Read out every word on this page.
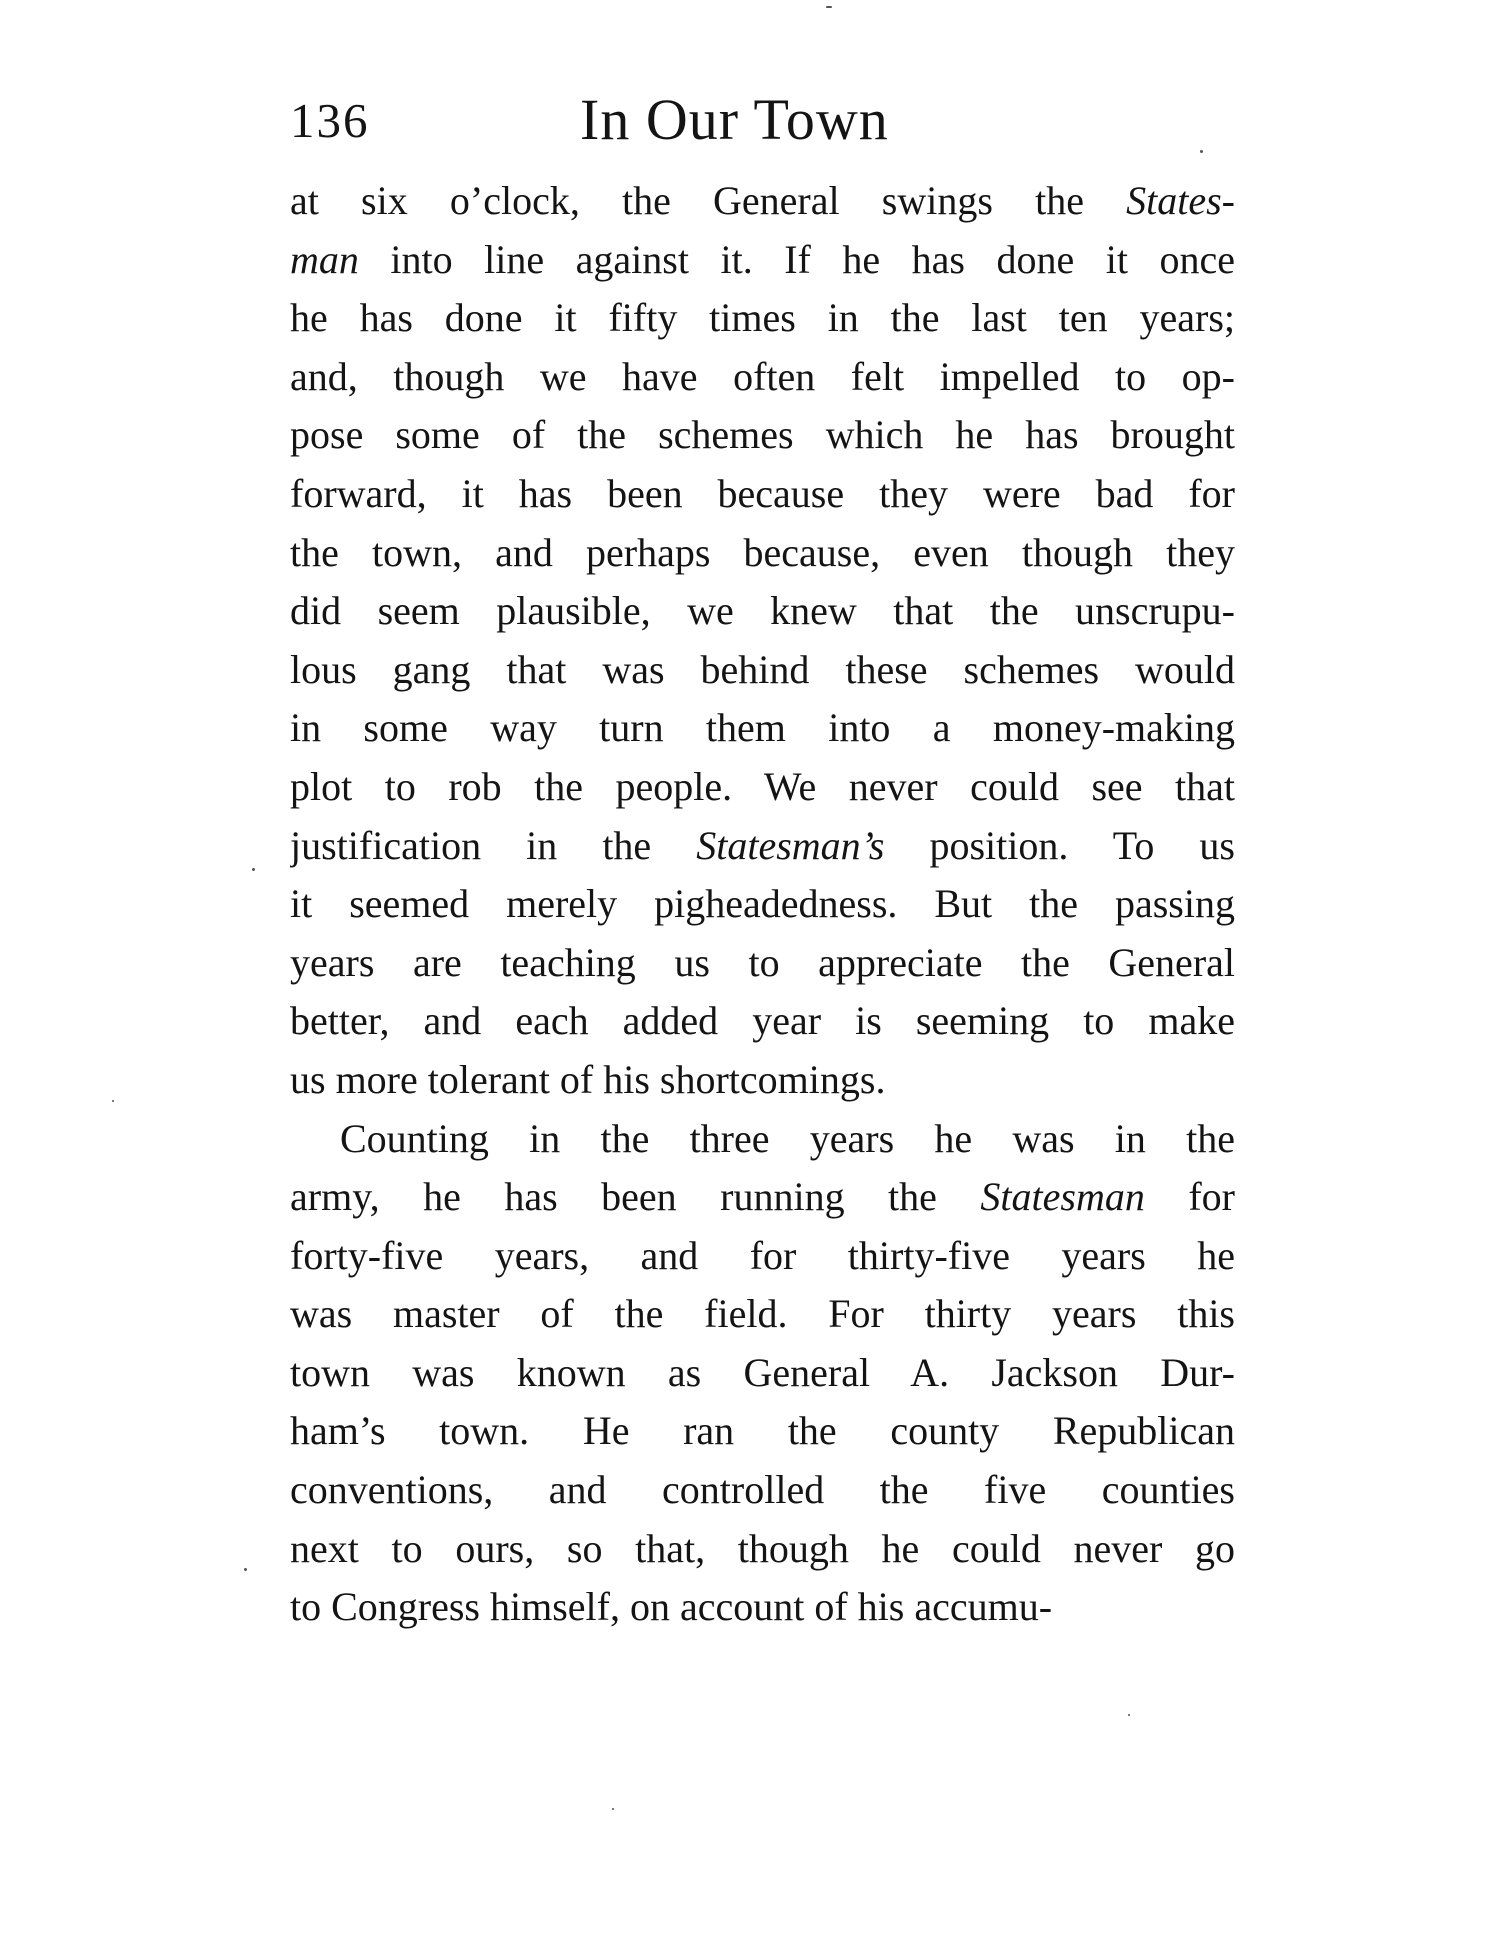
136	In Our Town
at six o’clock, the General swings the States-
man into line against it. If he has done it once
he has done it fifty times in the last ten years;
and, though we have often felt impelled to op-
pose some of the schemes which he has brought
forward, it has been because they were bad for
the town, and perhaps because, even though they
did seem plausible, we knew that the unscrupu-
lous gang that was behind these schemes would
in some way turn them into a money-making
plot to rob the people. We never could see that
justification in the Statesman’s position. To us
it seemed merely pigheadedness. But the passing
years are teaching us to appreciate the General
better, and each added year is seeming to make
us more tolerant of his shortcomings.
Counting in the three years he was in the
army, he has been running the Statesman for
forty-five years, and for thirty-five years he
was master of the field. For thirty years this
town was known as General A. Jackson Dur-
ham’s town. He ran the county Republican
conventions, and controlled the five counties
next to ours, so that, though he could never go
to Congress himself, on account of his accumu-
